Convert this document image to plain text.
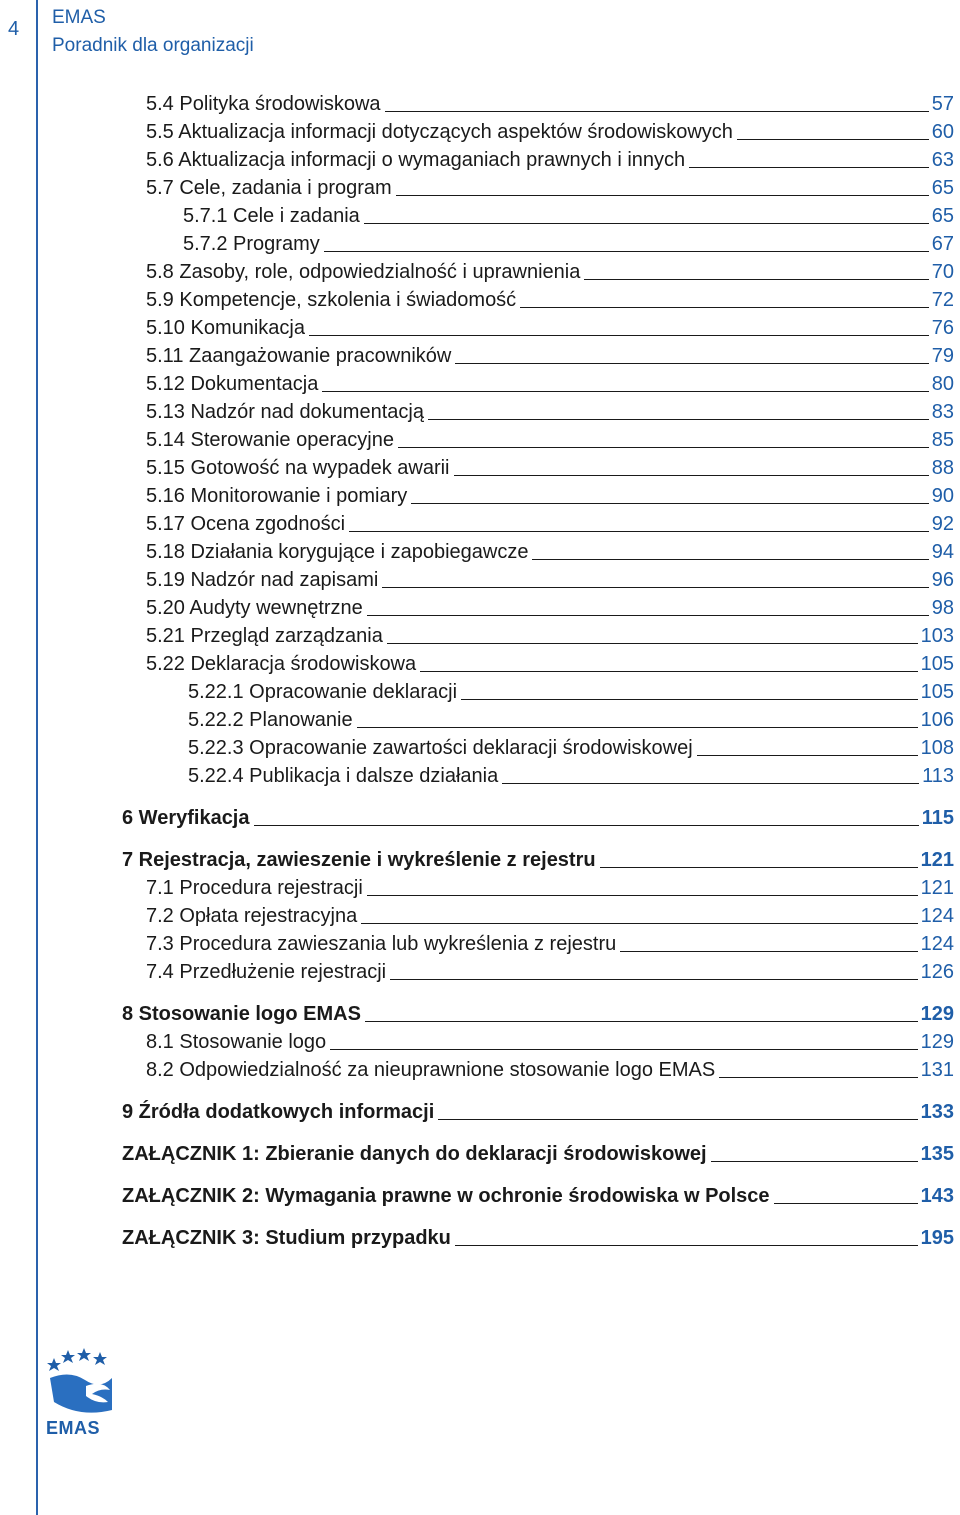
4
EMAS
Poradnik dla organizacji
5.4 Polityka środowiskowa	57
5.5 Aktualizacja informacji dotyczących aspektów środowiskowych	60
5.6 Aktualizacja informacji o wymaganiach prawnych i innych	63
5.7 Cele, zadania i program	65
5.7.1 Cele i zadania	65
5.7.2 Programy	67
5.8 Zasoby, role, odpowiedzialność i uprawnienia	70
5.9 Kompetencje, szkolenia i świadomość	72
5.10 Komunikacja	76
5.11 Zaangażowanie pracowników	79
5.12 Dokumentacja	80
5.13 Nadzór nad dokumentacją	83
5.14 Sterowanie operacyjne	85
5.15 Gotowość na wypadek awarii	88
5.16 Monitorowanie i pomiary	90
5.17 Ocena zgodności	92
5.18 Działania korygujące i zapobiegawcze	94
5.19 Nadzór nad zapisami	96
5.20 Audyty wewnętrzne	98
5.21 Przegląd zarządzania	103
5.22 Deklaracja środowiskowa	105
5.22.1 Opracowanie deklaracji	105
5.22.2 Planowanie	106
5.22.3 Opracowanie zawartości deklaracji środowiskowej	108
5.22.4 Publikacja i dalsze działania	113
6 Weryfikacja	115
7 Rejestracja, zawieszenie i wykreślenie z rejestru	121
7.1 Procedura rejestracji	121
7.2 Opłata rejestracyjna	124
7.3 Procedura zawieszania lub wykreślenia z rejestru	124
7.4 Przedłużenie rejestracji	126
8 Stosowanie logo EMAS	129
8.1 Stosowanie logo	129
8.2 Odpowiedzialność za nieuprawnione stosowanie logo EMAS	131
9 Źródła dodatkowych informacji	133
ZAŁĄCZNIK 1: Zbieranie danych do deklaracji środowiskowej	135
ZAŁĄCZNIK 2: Wymagania prawne w ochronie środowiska w Polsce	143
ZAŁĄCZNIK 3: Studium przypadku	195
EMAS
